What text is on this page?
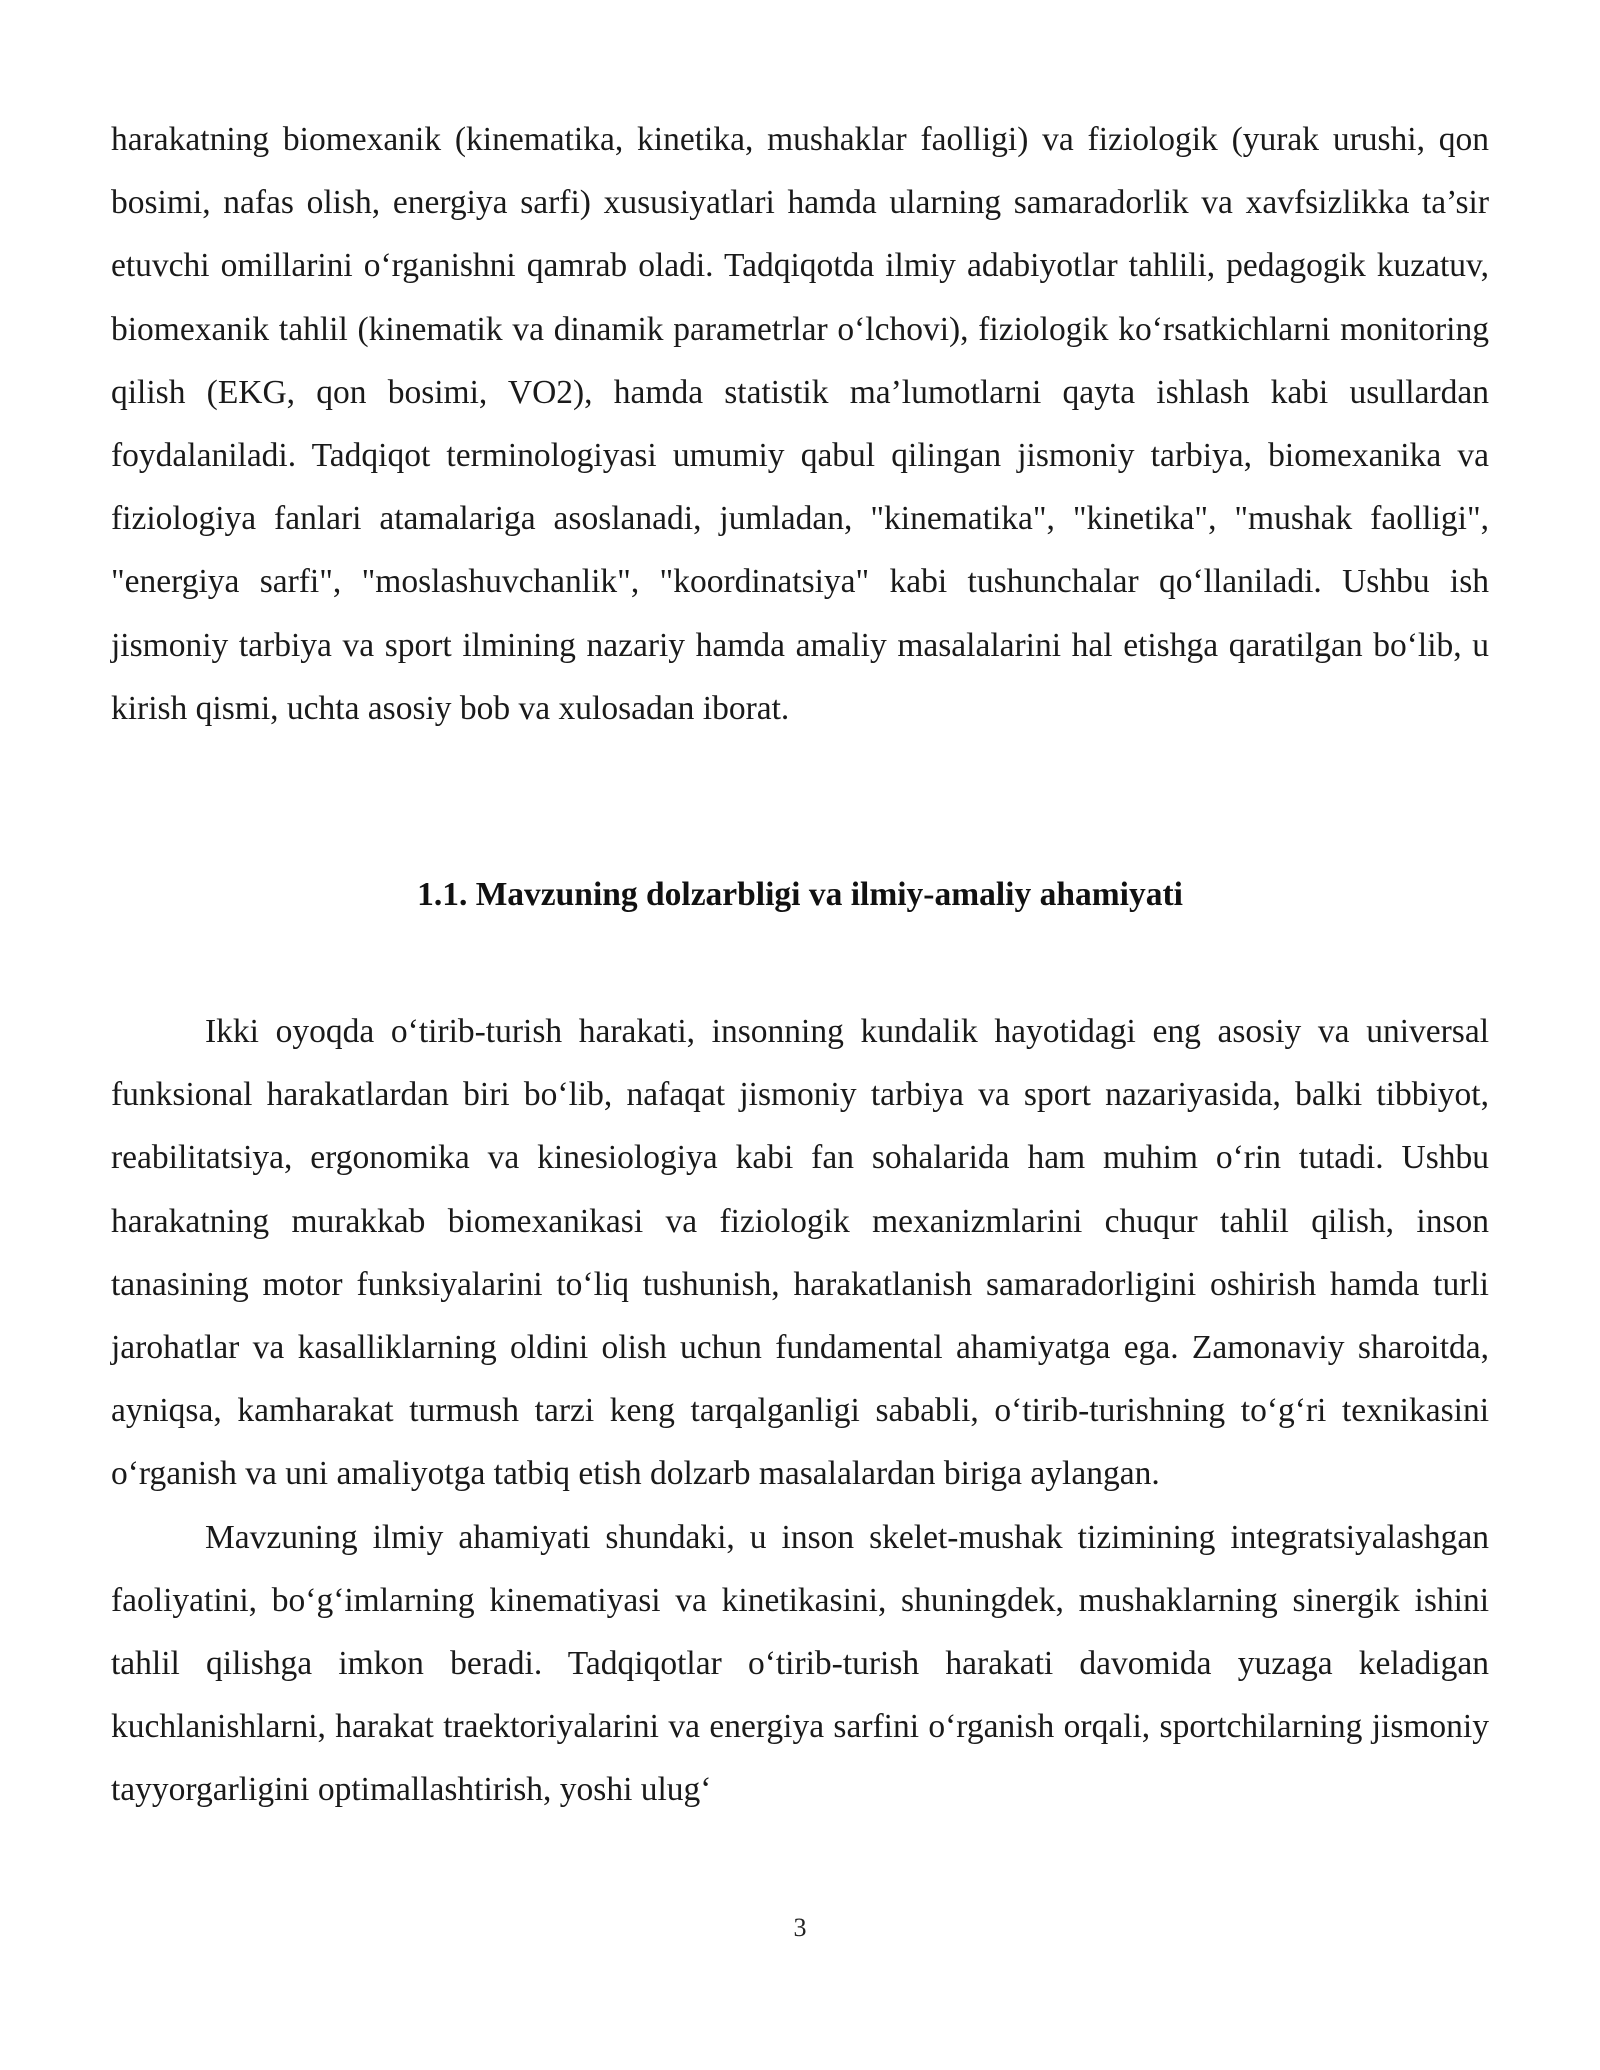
harakatning biomexanik (kinematika, kinetika, mushaklar faolligi) va fiziologik (yurak urushi, qon bosimi, nafas olish, energiya sarfi) xususiyatlari hamda ularning samaradorlik va xavfsizlikka ta’sir etuvchi omillarini o‘rganishni qamrab oladi. Tadqiqotda ilmiy adabiyotlar tahlili, pedagogik kuzatuv, biomexanik tahlil (kinematik va dinamik parametrlar o‘lchovi), fiziologik ko‘rsatkichlarni monitoring qilish (EKG, qon bosimi, VO2), hamda statistik ma’lumotlarni qayta ishlash kabi usullardan foydalaniladi. Tadqiqot terminologiyasi umumiy qabul qilingan jismoniy tarbiya, biomexanika va fiziologiya fanlari atamalariga asoslanadi, jumladan, "kinematika", "kinetika", "mushak faolligi", "energiya sarfi", "moslashuvchanlik", "koordinatsiya" kabi tushunchalar qo‘llaniladi. Ushbu ish jismoniy tarbiya va sport ilmining nazariy hamda amaliy masalalarini hal etishga qaratilgan bo‘lib, u kirish qismi, uchta asosiy bob va xulosadan iborat.

1.1. Mavzuning dolzarbligi va ilmiy-amaliy ahamiyati

Ikki oyoqda o‘tirib-turish harakati, insonning kundalik hayotidagi eng asosiy va universal funksional harakatlardan biri bo‘lib, nafaqat jismoniy tarbiya va sport nazariyasida, balki tibbiyot, reabilitatsiya, ergonomika va kinesiologiya kabi fan sohalarida ham muhim o‘rin tutadi. Ushbu harakatning murakkab biomexanikasi va fiziologik mexanizmlarini chuqur tahlil qilish, inson tanasining motor funksiyalarini to‘liq tushunish, harakatlanish samaradorligini oshirish hamda turli jarohatlar va kasalliklarning oldini olish uchun fundamental ahamiyatga ega. Zamonaviy sharoitda, ayniqsa, kamharakat turmush tarzi keng tarqalganligi sababli, o‘tirib-turishning to‘g‘ri texnikasini o‘rganish va uni amaliyotga tatbiq etish dolzarb masalalardan biriga aylangan.

Mavzuning ilmiy ahamiyati shundaki, u inson skelet-mushak tizimining integratsiyalashgan faoliyatini, bo‘g‘imlarning kinematiyasi va kinetikasini, shuningdek, mushaklarning sinergik ishini tahlil qilishga imkon beradi. Tadqiqotlar o‘tirib-turish harakati davomida yuzaga keladigan kuchlanishlarni, harakat traektoriyalarini va energiya sarfini o‘rganish orqali, sportchilarning jismoniy tayyorgarligini optimallashtirish, yoshi ulug‘

3
